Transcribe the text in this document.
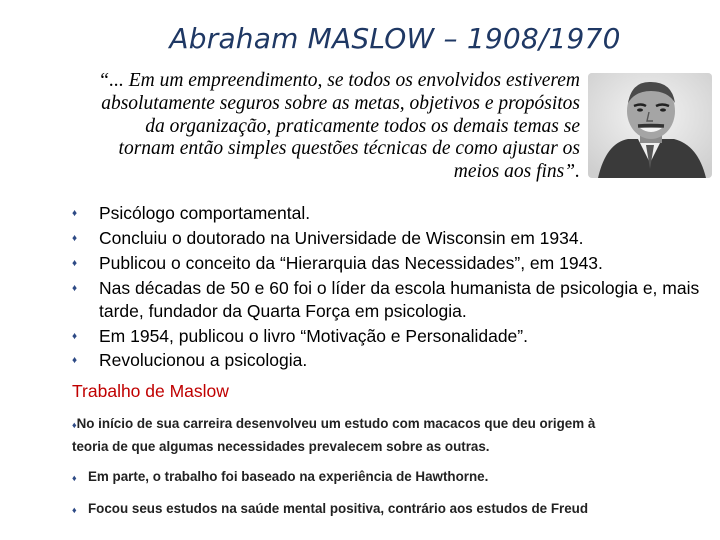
Abraham MASLOW – 1908/1970
“... Em um empreendimento, se todos os envolvidos estiverem
absolutamente seguros sobre as metas, objetivos e propósitos
da organização, praticamente todos os demais temas se
tornam então simples questões técnicas de como ajustar os
meios aos fins”.
♦ Psicólogo comportamental.
♦ Concluiu o doutorado na Universidade de Wisconsin em 1934.
♦ Publicou o conceito da “Hierarquia das Necessidades”, em 1943.
♦ Nas décadas de 50 e 60 foi o líder da escola humanista de psicologia e, mais tarde, fundador da Quarta Força em psicologia.
♦ Em 1954, publicou o livro “Motivação e Personalidade”.
♦ Revolucionou a psicologia.
Trabalho de Maslow
♦No início de sua carreira desenvolveu um estudo com macacos que deu origem à teoria de que algumas necessidades prevalecem sobre as outras.
♦ Em parte, o trabalho foi baseado na experiência de Hawthorne.
♦ Focou seus estudos na saúde mental positiva, contrário aos estudos de Freud
